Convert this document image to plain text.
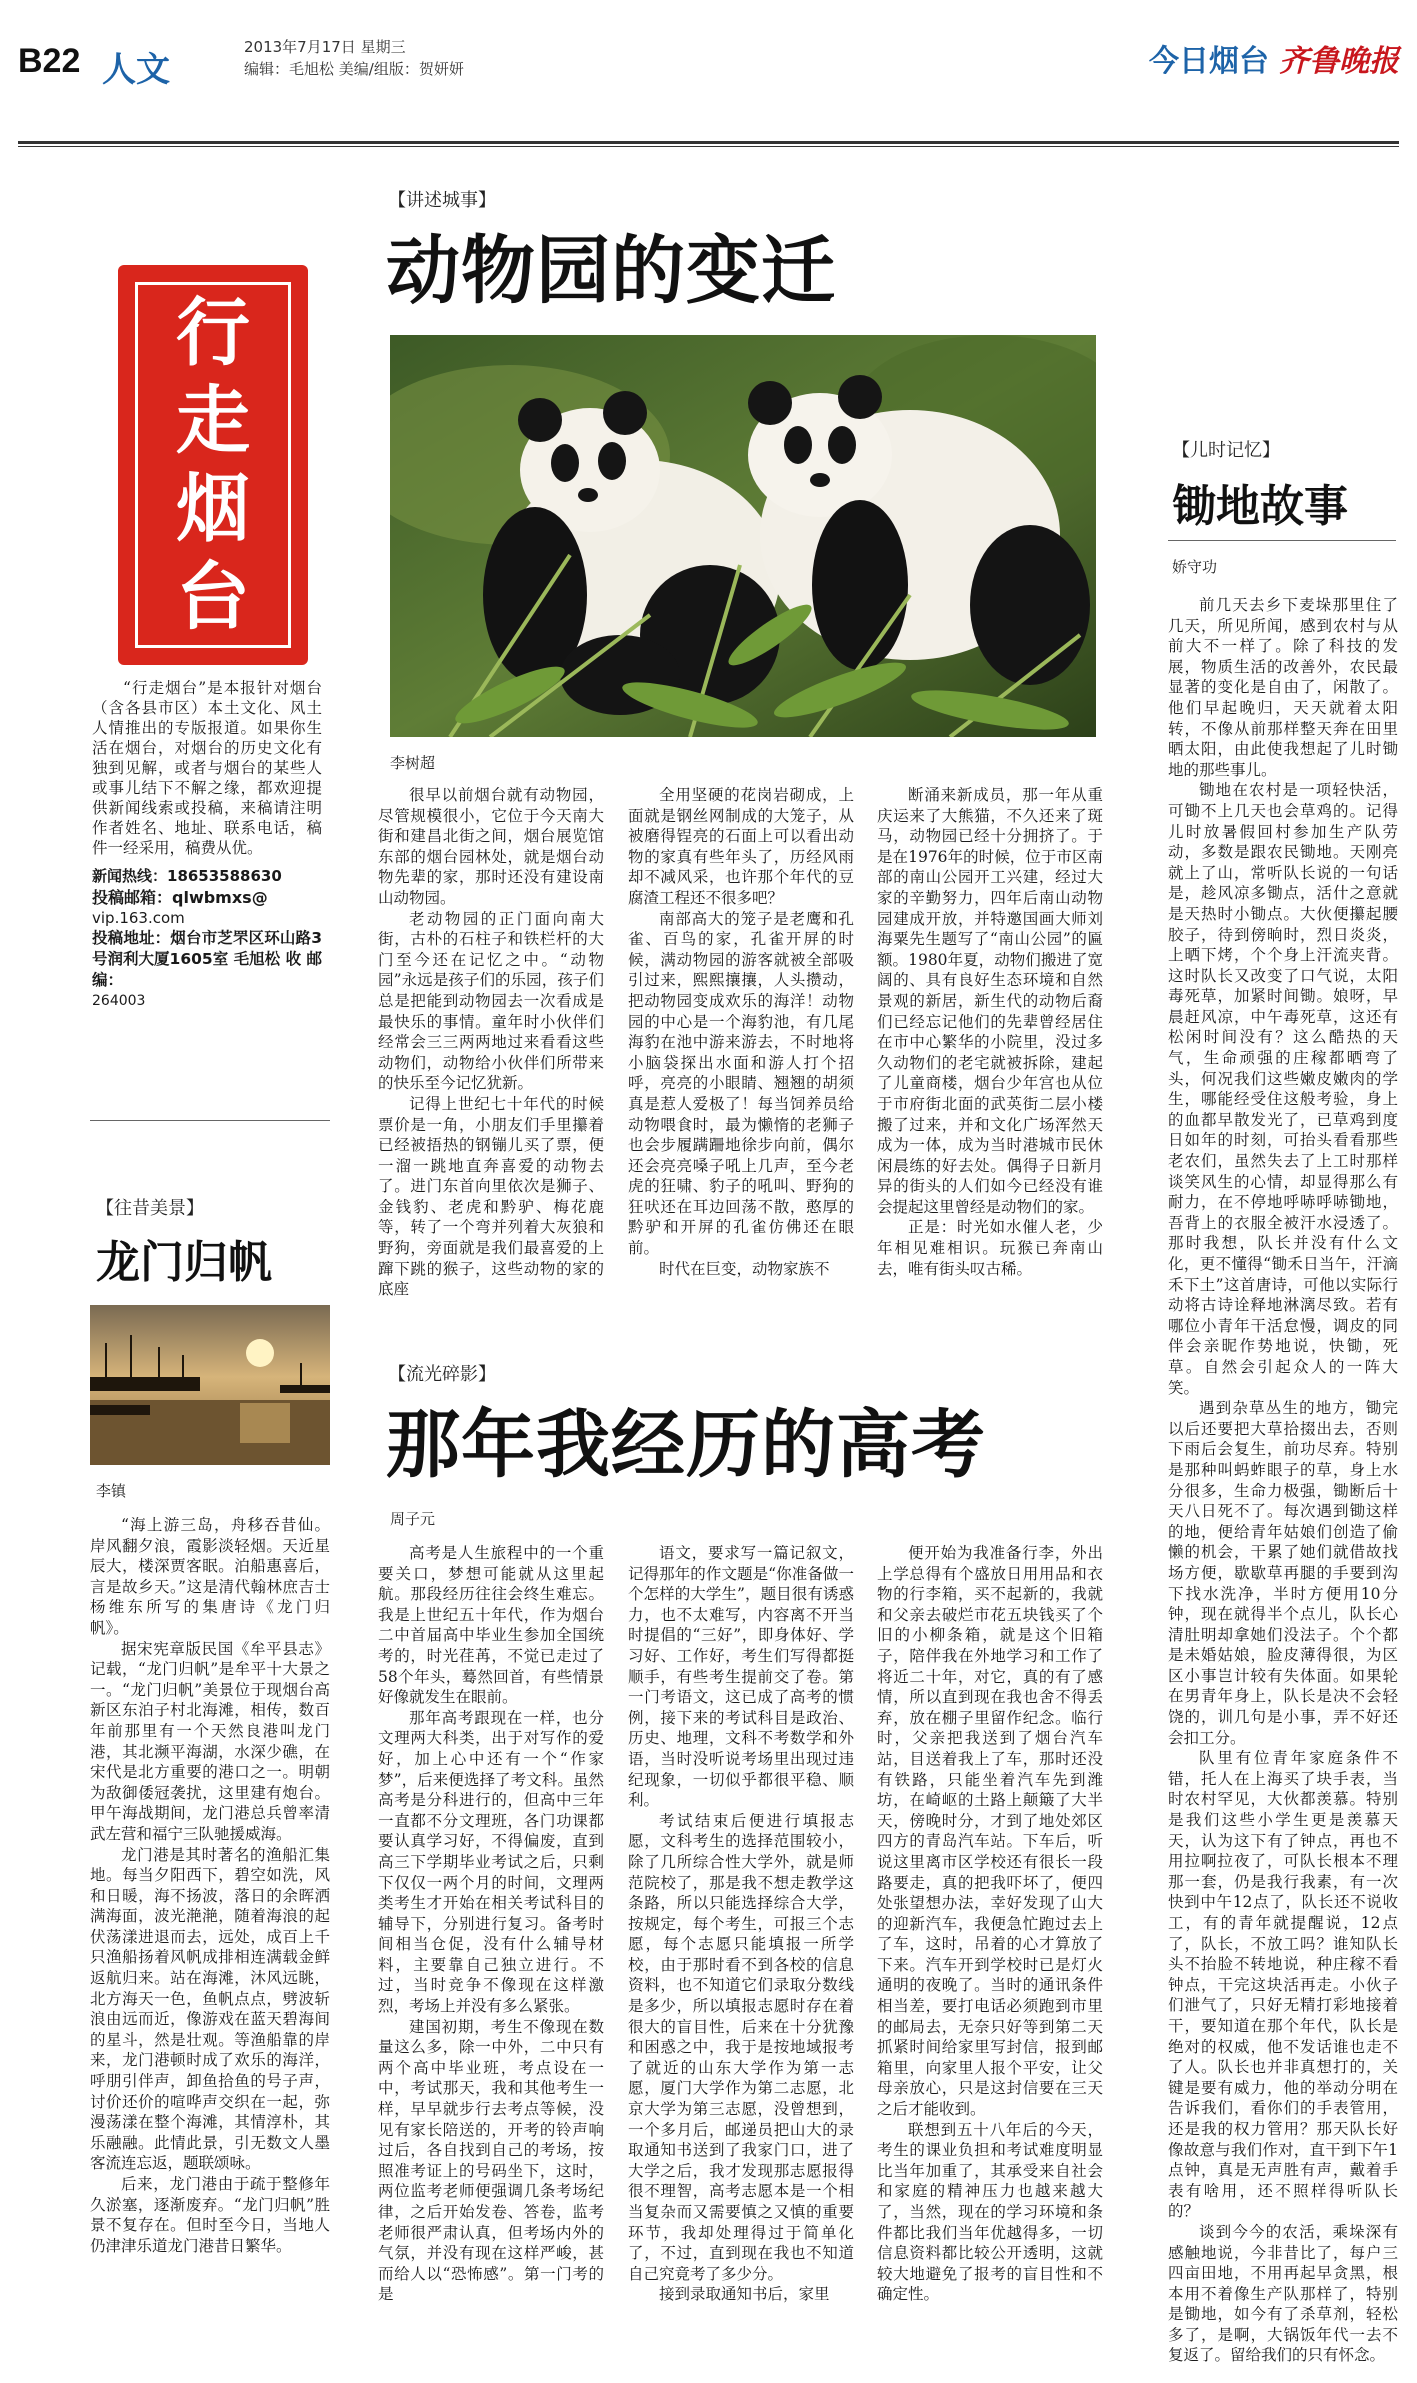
B22 人文
2013年7月17日 星期三
编辑：毛旭松 美编/组版：贺妍妍	今日烟台 齐鲁晚报
行
走
烟
台

“行走烟台”是本报针对烟台（含各县市区）本土文化、风土人情推出的专版报道。如果你生活在烟台，对烟台的历史文化有独到见解，或者与烟台的某些人或事儿结下不解之缘，都欢迎提供新闻线索或投稿，来稿请注明作者姓名、地址、联系电话，稿件一经采用，稿费从优。

新闻热线：18653588630
投稿邮箱：qlwbmxs@
vip.163.com
投稿地址：烟台市芝罘区环山路3号润利大厦1605室 毛旭松 收 邮编：
264003
【讲述城事】
动物园的变迁
李树超

很早以前烟台就有动物园，尽管规模很小，它位于今天南大街和建昌北街之间，烟台展览馆东部的烟台园林处，就是烟台动物先辈的家，那时还没有建设南山动物园。

老动物园的正门面向南大街，古朴的石柱子和铁栏杆的大门至今还在记忆之中。“动物园”永远是孩子们的乐园，孩子们总是把能到动物园去一次看成是最快乐的事情。童年时小伙伴们经常会三三两两地过来看看这些动物们，动物给小伙伴们所带来的快乐至今记忆犹新。

记得上世纪七十年代的时候票价是一角，小朋友们手里攥着已经被捂热的钢镚儿买了票，便一溜一跳地直奔喜爱的动物去了。进门东首向里依次是狮子、金钱豹、老虎和黔驴、梅花鹿等，转了一个弯并列着大灰狼和野狗，旁面就是我们最喜爱的上蹿下跳的猴子，这些动物的家的底座

全用坚硬的花岗岩砌成，上面就是钢丝网制成的大笼子，从被磨得锃亮的石面上可以看出动物的家真有些年头了，历经风雨却不减风采，也许那个年代的豆腐渣工程还不很多吧？

南部高大的笼子是老鹰和孔雀、百鸟的家，孔雀开屏的时候，满动物园的游客就被全部吸引过来，熙熙攘攘，人头攒动，把动物园变成欢乐的海洋！动物园的中心是一个海豹池，有几尾海豹在池中游来游去，不时地将小脑袋探出水面和游人打个招呼，亮亮的小眼睛、翘翘的胡须真是惹人爱极了！每当饲养员给动物喂食时，最为懒惰的老狮子也会步履蹒跚地徐步向前，偶尔还会亮亮嗓子吼上几声，至今老虎的狂啸、豹子的吼叫、野狗的狂吠还在耳边回荡不散，憨厚的黔驴和开屏的孔雀仿佛还在眼前。

时代在巨变，动物家族不

断涌来新成员，那一年从重庆运来了大熊猫，不久还来了斑马，动物园已经十分拥挤了。于是在1976年的时候，位于市区南部的南山公园开工兴建，经过大家的辛勤努力，四年后南山动物园建成开放，并特邀国画大师刘海粟先生题写了“南山公园”的匾额。1980年夏，动物们搬进了宽阔的、具有良好生态环境和自然景观的新居，新生代的动物后裔们已经忘记他们的先辈曾经居住在市中心繁华的小院里，没过多久动物们的老宅就被拆除，建起了儿童商楼，烟台少年宫也从位于市府街北面的武英街二层小楼搬了过来，并和文化广场浑然天成为一体，成为当时港城市民休闲晨练的好去处。偶得子日新月异的街头的人们如今已经没有谁会提起这里曾经是动物们的家。

正是：时光如水催人老，少年相见难相识。玩猴已奔南山去，唯有街头叹古稀。

【儿时记忆】
锄地故事
娇守功

前几天去乡下麦垛那里住了几天，所见所闻，感到农村与从前大不一样了。除了科技的发展，物质生活的改善外，农民最显著的变化是自由了，闲散了。他们早起晚归，天天就着太阳转，不像从前那样整天奔在田里晒太阳，由此使我想起了儿时锄地的那些事儿。

锄地在农村是一项轻快活，可锄不上几天也会草鸡的。记得儿时放暑假回村参加生产队劳动，多数是跟农民锄地。天刚亮就上了山，常听队长说的一句话是，趁风凉多锄点，活什之意就是天热时小锄点。大伙便攥起腰胶子，待到傍晌时，烈日炎炎，上晒下烤，个个身上汗流夹背。这时队长又改变了口气说，太阳毒死草，加紧时间锄。娘呀，早晨赶风凉，中午毒死草，这还有松闲时间没有？这么酷热的天气，生命顽强的庄稼都晒弯了头，何况我们这些嫩皮嫩肉的学生，哪能经受住这般考验，身上的血都早散发光了，已草鸡到度日如年的时刻，可抬头看看那些老农们，虽然失去了上工时那样谈笑风生的心情，却显得那么有耐力，在不停地呼哧呼哧锄地，吾背上的衣服全被汗水浸透了。那时我想，队长并没有什么文化，更不懂得“锄禾日当午，汗滴禾下土”这首唐诗，可他以实际行动将古诗诠释地淋漓尽致。若有哪位小青年干活怠慢，调皮的同伴会亲昵作势地说，快锄，死草。自然会引起众人的一阵大笑。

遇到杂草丛生的地方，锄完以后还要把大草拾掇出去，否则下雨后会复生，前功尽弃。特别是那种叫蚂蚱眼子的草，身上水分很多，生命力极强，锄断后十天八日死不了。每次遇到锄这样的地，便给青年姑娘们创造了偷懒的机会，干累了她们就借故找场方便，歇歇草再腿的手要到沟下找水洗净，半时方便用10分钟，现在就得半个点儿，队长心清肚明却拿她们没法子。个个都是未婚姑娘，脸皮薄得很，为区区小事岂计较有失体面。如果轮在男青年身上，队长是决不会轻饶的，训几句是小事，弄不好还会扣工分。

队里有位青年家庭条件不错，托人在上海买了块手表，当时农村罕见，大伙都羡慕。特别是我们这些小学生更是羡慕天天，认为这下有了钟点，再也不用拉啊拉夜了，可队长根本不理那一套，仍是我行我素，有一次快到中午12点了，队长还不说收工，有的青年就提醒说，12点了，队长，不放工吗？谁知队长头不抬脸不转地说，种庄稼不看钟点，干完这块活再走。小伙子们泄气了，只好无精打彩地接着干，要知道在那个年代，队长是绝对的权威，他不发话谁也走不了人。队长也并非真想打的，关键是要有威力，他的举动分明在告诉我们，看你们的手表管用，还是我的权力管用？那天队长好像故意与我们作对，直干到下午1点钟，真是无声胜有声，戴着手表有啥用，还不照样得听队长的？

谈到今今的农活，乘垛深有感触地说，今非昔比了，每户三四亩田地，不用再起早贪黑，根本用不着像生产队那样了，特别是锄地，如今有了杀草剂，轻松多了，是啊，大锅饭年代一去不复返了。留给我们的只有怀念。

【往昔美景】
龙门归帆
李镇

“海上游三岛，舟移吞昔仙。岸风翻夕浪，霞影淡轻烟。天近星辰大，楼深贾客眠。泊船惠喜后，言是故乡天。”这是清代翰林庶吉士杨维东所写的集唐诗《龙门归帆》。

据宋宪章版民国《牟平县志》记载，“龙门归帆”是牟平十大景之一。“龙门归帆”美景位于现烟台高新区东泊子村北海滩，相传，数百年前那里有一个天然良港叫龙门港，其北濒平海湖，水深少礁，在宋代是北方重要的港口之一。明朝为敌御倭冠袭扰，这里建有炮台。甲午海战期间，龙门港总兵曾率清武左营和福宁三队驰援威海。

龙门港是其时著名的渔船汇集地。每当夕阳西下，碧空如洗，风和日暖，海不扬波，落日的余晖洒满海面，波光滟滟，随着海浪的起伏荡漾进退而去，远处，成百上千只渔船扬着风帆成排相连满载金鲜返航归来。站在海滩，沐风远眺，北方海天一色，鱼帆点点，劈波斩浪由远而近，像游戏在蓝天碧海间的星斗，然是壮观。等渔船靠的岸来，龙门港顿时成了欢乐的海洋，呼朋引伴声，卸鱼拾鱼的号子声，讨价还价的喧哗声交织在一起，弥漫荡漾在整个海滩，其情淳朴，其乐融融。此情此景，引无数文人墨客流连忘返，题联颂咏。

后来，龙门港由于疏于整修年久淤塞，逐渐废弃。“龙门归帆”胜景不复存在。但时至今日，当地人仍津津乐道龙门港昔日繁华。

【流光碎影】
那年我经历的高考
周子元

高考是人生旅程中的一个重要关口，梦想可能就从这里起航。那段经历往往会终生难忘。我是上世纪五十年代，作为烟台二中首届高中毕业生参加全国统考的，时光荏苒，不觉已走过了58个年头，蓦然回首，有些情景好像就发生在眼前。

那年高考跟现在一样，也分文理两大科类，出于对写作的爱好，加上心中还有一个“作家梦”，后来便选择了考文科。虽然高考是分科进行的，但高中三年一直都不分文理班，各门功课都要认真学习好，不得偏废，直到高三下学期毕业考试之后，只剩下仅仅一两个月的时间，文理两类考生才开始在相关考试科目的辅导下，分别进行复习。备考时间相当仓促，没有什么辅导材料，主要靠自己独立进行。不过，当时竞争不像现在这样激烈，考场上并没有多么紧张。

建国初期，考生不像现在数量这么多，除一中外，二中只有两个高中毕业班，考点设在一中，考试那天，我和其他考生一样，早早就步行去考点等候，没见有家长陪送的，开考的铃声响过后，各自找到自己的考场，按照准考证上的号码坐下，这时，两位监考老师便强调几条考场纪律，之后开始发卷、答卷，监考老师很严肃认真，但考场内外的气氛，并没有现在这样严峻，甚而给人以“恐怖感”。第一门考的是

语文，要求写一篇记叙文，记得那年的作文题是“你准备做一个怎样的大学生”，题目很有诱惑力，也不太难写，内容离不开当时提倡的“三好”，即身体好、学习好、工作好，考生们写得都挺顺手，有些考生提前交了卷。第一门考语文，这已成了高考的惯例，接下来的考试科目是政治、历史、地理，文科不考数学和外语，当时没听说考场里出现过违纪现象，一切似乎都很平稳、顺利。

考试结束后便进行填报志愿，文科考生的选择范围较小，除了几所综合性大学外，就是师范院校了，那是我不想走教学这条路，所以只能选择综合大学，按规定，每个考生，可报三个志愿，每个志愿只能填报一所学校，由于那时看不到各校的信息资料，也不知道它们录取分数线是多少，所以填报志愿时存在着很大的盲目性，后来在十分犹豫和困惑之中，我于是按地域报考了就近的山东大学作为第一志愿，厦门大学作为第二志愿，北京大学为第三志愿，没曾想到，一个多月后，邮递员把山大的录取通知书送到了我家门口，进了大学之后，我才发现那志愿报得很不理智，高考志愿本是一个相当复杂而又需要慎之又慎的重要环节，我却处理得过于简单化了，不过，直到现在我也不知道自己究竟考了多少分。

接到录取通知书后，家里

便开始为我准备行李，外出上学总得有个盛放日用用品和衣物的行李箱，买不起新的，我就和父亲去破烂市花五块钱买了个旧的小柳条箱，就是这个旧箱子，陪伴我在外地学习和工作了将近二十年，对它，真的有了感情，所以直到现在我也舍不得丢弃，放在棚子里留作纪念。临行时，父亲把我送到了烟台汽车站，目送着我上了车，那时还没有铁路，只能坐着汽车先到潍坊，在崎岖的土路上颠簸了大半天，傍晚时分，才到了地处郊区四方的青岛汽车站。下车后，听说这里离市区学校还有很长一段路要走，真的把我吓坏了，便四处张望想办法，幸好发现了山大的迎新汽车，我便急忙跑过去上了车，这时，吊着的心才算放了下来。汽车开到学校时已是灯火通明的夜晚了。当时的通讯条件相当差，要打电话必须跑到市里的邮局去，无奈只好等到第二天抓紧时间给家里写封信，报到邮箱里，向家里人报个平安，让父母亲放心，只是这封信要在三天之后才能收到。

联想到五十八年后的今天，考生的课业负担和考试难度明显比当年加重了，其承受来自社会和家庭的精神压力也越来越大了，当然，现在的学习环境和条件都比我们当年优越得多，一切信息资料都比较公开透明，这就较大地避免了报考的盲目性和不确定性。
